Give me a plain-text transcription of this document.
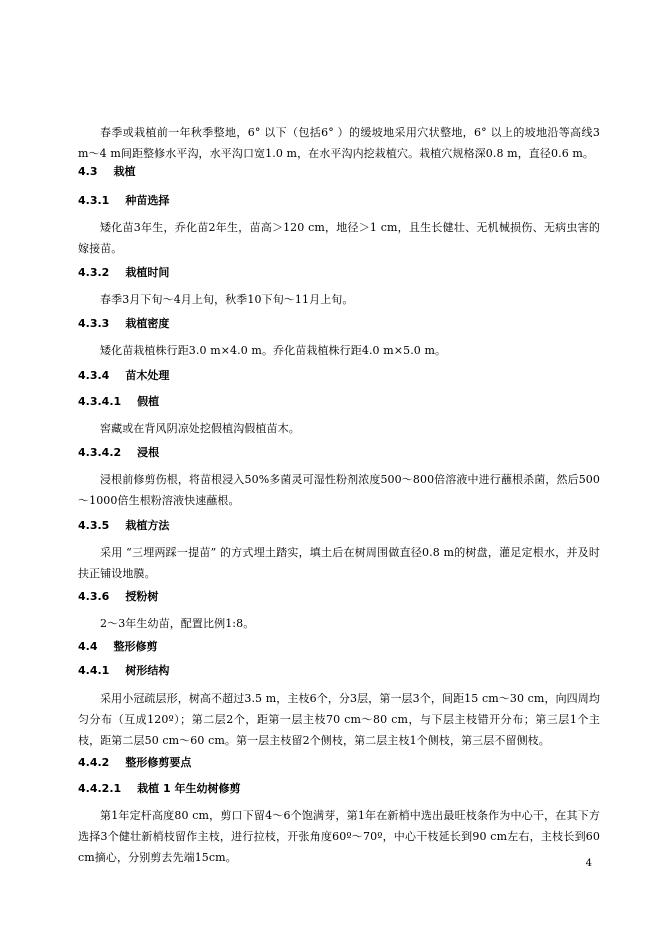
春季或栽植前一年秋季整地，6° 以下（包括6° ）的缓坡地采用穴状整地，6° 以上的坡地沿等高线3 m～4 m间距整修水平沟，水平沟口宽1.0 m，在水平沟内挖栽植穴。栽植穴规格深0.8 m，直径0.6 m。

4.3 栽植
4.3.1 种苗选择

矮化苗3年生，乔化苗2年生，苗高＞120 cm，地径＞1 cm，且生长健壮、无机械损伤、无病虫害的嫁接苗。

4.3.2 栽植时间

春季3月下旬～4月上旬，秋季10下旬～11月上旬。

4.3.3 栽植密度

矮化苗栽植株行距3.0 m×4.0 m。乔化苗栽植株行距4.0 m×5.0 m。

4.3.4 苗木处理
4.3.4.1 假植

窖藏或在背风阴凉处挖假植沟假植苗木。

4.3.4.2 浸根

浸根前修剪伤根，将苗根浸入50%多菌灵可湿性粉剂浓度500～800倍溶液中进行蘸根杀菌，然后500～1000倍生根粉溶液快速蘸根。

4.3.5 栽植方法

采用 “三埋两踩一提苗” 的方式埋土踏实，填土后在树周围做直径0.8 m的树盘，灌足定根水，并及时扶正铺设地膜。

4.3.6 授粉树

2～3年生幼苗，配置比例1:8。

4.4 整形修剪
4.4.1 树形结构

采用小冠疏层形，树高不超过3.5 m，主枝6个，分3层，第一层3个，间距15 cm～30 cm，向四周均匀分布（互成120º）；第二层2个，距第一层主枝70 cm～80 cm，与下层主枝错开分布；第三层1个主枝，距第二层50 cm～60 cm。第一层主枝留2个侧枝，第二层主枝1个侧枝，第三层不留侧枝。

4.4.2 整形修剪要点
4.4.2.1 栽植 1 年生幼树修剪

第1年定杆高度80 cm，剪口下留4～6个饱满芽，第1年在新梢中选出最旺枝条作为中心干，在其下方选择3个健壮新梢枝留作主枝，进行拉枝，开张角度60º～70º，中心干枝延长到90 cm左右，主枝长到60 cm摘心，分别剪去先端15cm。	4
